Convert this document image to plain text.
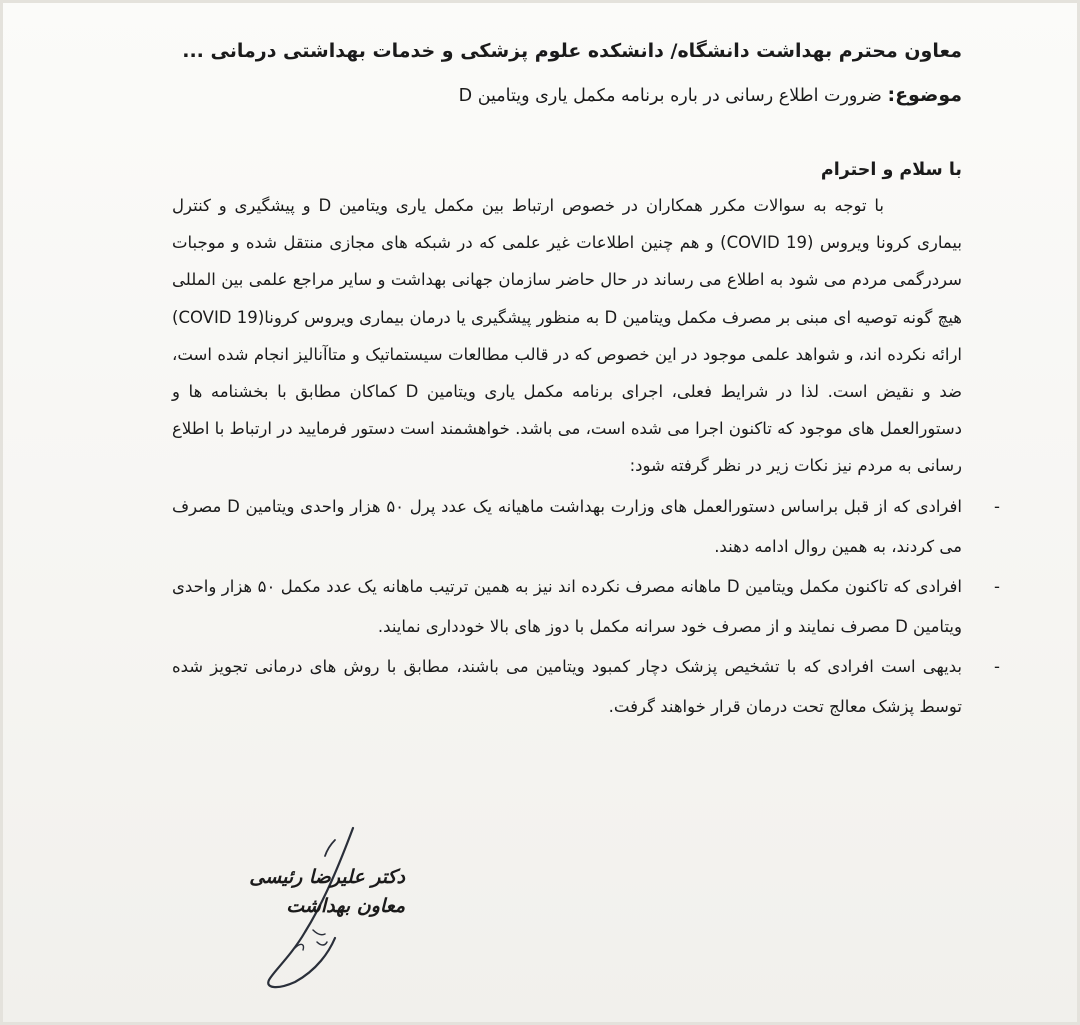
معاون محترم بهداشت دانشگاه/ دانشکده علوم پزشکی و خدمات بهداشتی درمانی ...

موضوع: ضرورت اطلاع رسانی در باره برنامه مکمل یاری ویتامین D

با سلام و احترام

با توجه به سوالات مکرر همکاران در خصوص ارتباط بین مکمل یاری ویتامین D و پیشگیری و کنترل بیماری کرونا ویروس (COVID 19) و هم چنین اطلاعات غیر علمی که در شبکه های مجازی منتقل شده و موجبات سردرگمی مردم می شود به اطلاع می رساند در حال حاضر سازمان جهانی بهداشت و سایر مراجع علمی بین المللی هیچ گونه توصیه ای مبنی بر مصرف مکمل ویتامین D به منظور پیشگیری یا درمان بیماری ویروس کرونا(COVID 19) ارائه نکرده اند، و شواهد علمی موجود در این خصوص که در قالب مطالعات سیستماتیک و متاآنالیز انجام شده است، ضد و نقیض است. لذا در شرایط فعلی، اجرای برنامه مکمل یاری ویتامین D کماکان مطابق با بخشنامه ها و دستورالعمل های موجود که تاکنون اجرا می شده است، می باشد. خواهشمند است دستور فرمایید در ارتباط با اطلاع رسانی به مردم نیز نکات زیر در نظر گرفته شود:

-
افرادی که از قبل براساس دستورالعمل های وزارت بهداشت ماهیانه یک عدد پرل ۵۰ هزار واحدی ویتامین D مصرف می کردند، به همین روال ادامه دهند.
-
افرادی که تاکنون مکمل ویتامین D ماهانه مصرف نکرده اند نیز به همین ترتیب ماهانه یک عدد مکمل ۵۰ هزار واحدی ویتامین D مصرف نمایند و از مصرف خود سرانه مکمل با دوز های بالا خودداری نمایند.
-
بدیهی است افرادی که با تشخیص پزشک دچار کمبود ویتامین می باشند، مطابق با روش های درمانی تجویز شده توسط پزشک معالج تحت درمان قرار خواهند گرفت.

دکتر علیرضا رئیسی

معاون بهداشت
